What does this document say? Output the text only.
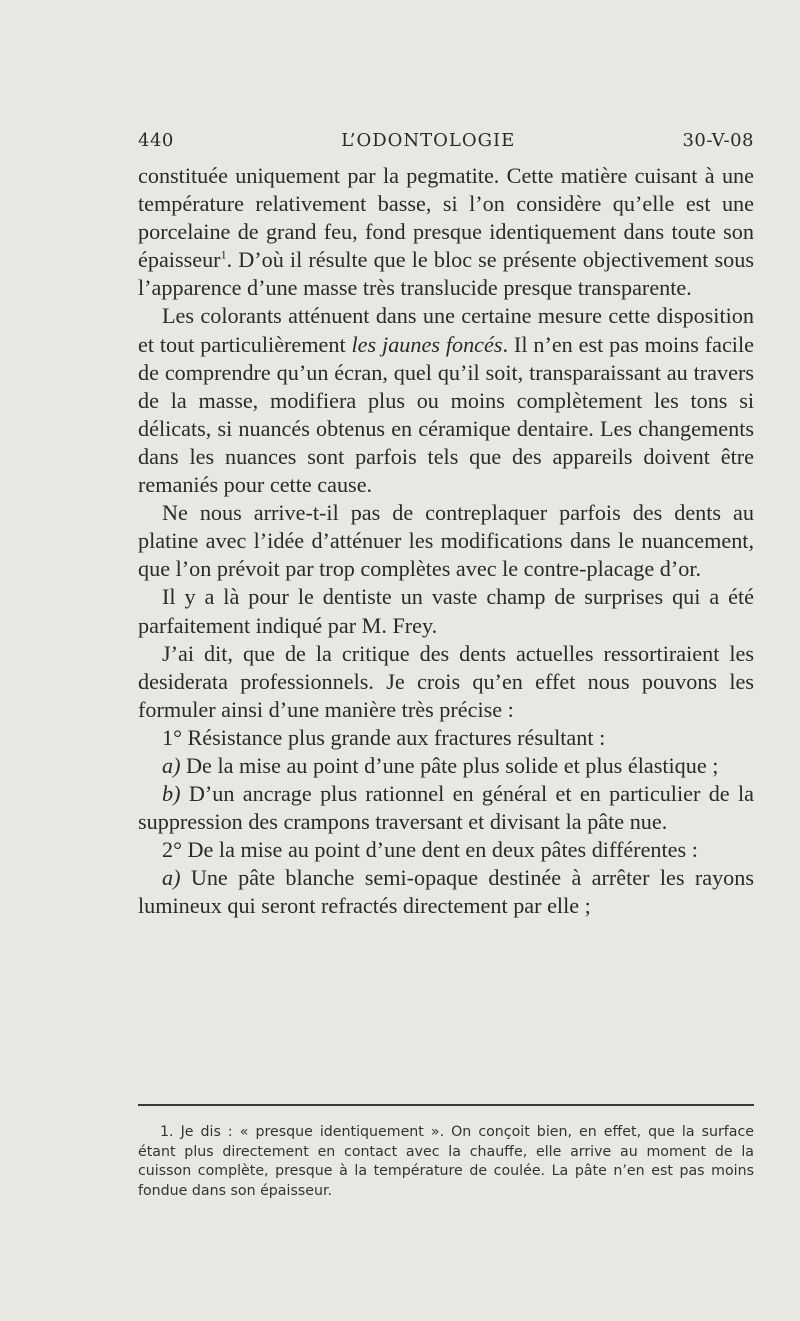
440	L’ODONTOLOGIE	30-V-08

constituée uniquement par la pegmatite. Cette matière cuisant à une température relativement basse, si l’on considère qu’elle est une porcelaine de grand feu, fond presque identiquement dans toute son épaisseur$^1$. D’où il résulte que le bloc se présente objectivement sous l’apparence d’une masse très translucide presque transparente.

Les colorants atténuent dans une certaine mesure cette disposition et tout particulièrement les jaunes foncés. Il n’en est pas moins facile de comprendre qu’un écran, quel qu’il soit, transparaissant au travers de la masse, modifiera plus ou moins complètement les tons si délicats, si nuancés obtenus en céramique dentaire. Les changements dans les nuances sont parfois tels que des appareils doivent être remaniés pour cette cause.

Ne nous arrive-t-il pas de contreplaquer parfois des dents au platine avec l’idée d’atténuer les modifications dans le nuancement, que l’on prévoit par trop complètes avec le contre-placage d’or.

Il y a là pour le dentiste un vaste champ de surprises qui a été parfaitement indiqué par M. Frey.

J’ai dit, que de la critique des dents actuelles ressortiraient les desiderata professionnels. Je crois qu’en effet nous pouvons les formuler ainsi d’une manière très précise :

1° Résistance plus grande aux fractures résultant :

a) De la mise au point d’une pâte plus solide et plus élastique ;

b) D’un ancrage plus rationnel en général et en particulier de la suppression des crampons traversant et divisant la pâte nue.

2° De la mise au point d’une dent en deux pâtes différentes :

a) Une pâte blanche semi-opaque destinée à arrêter les rayons lumineux qui seront refractés directement par elle ;

1. Je dis : « presque identiquement ». On conçoit bien, en effet, que la surface étant plus directement en contact avec la chauffe, elle arrive au moment de la cuisson complète, presque à la température de coulée. La pâte n’en est pas moins fondue dans son épaisseur.
